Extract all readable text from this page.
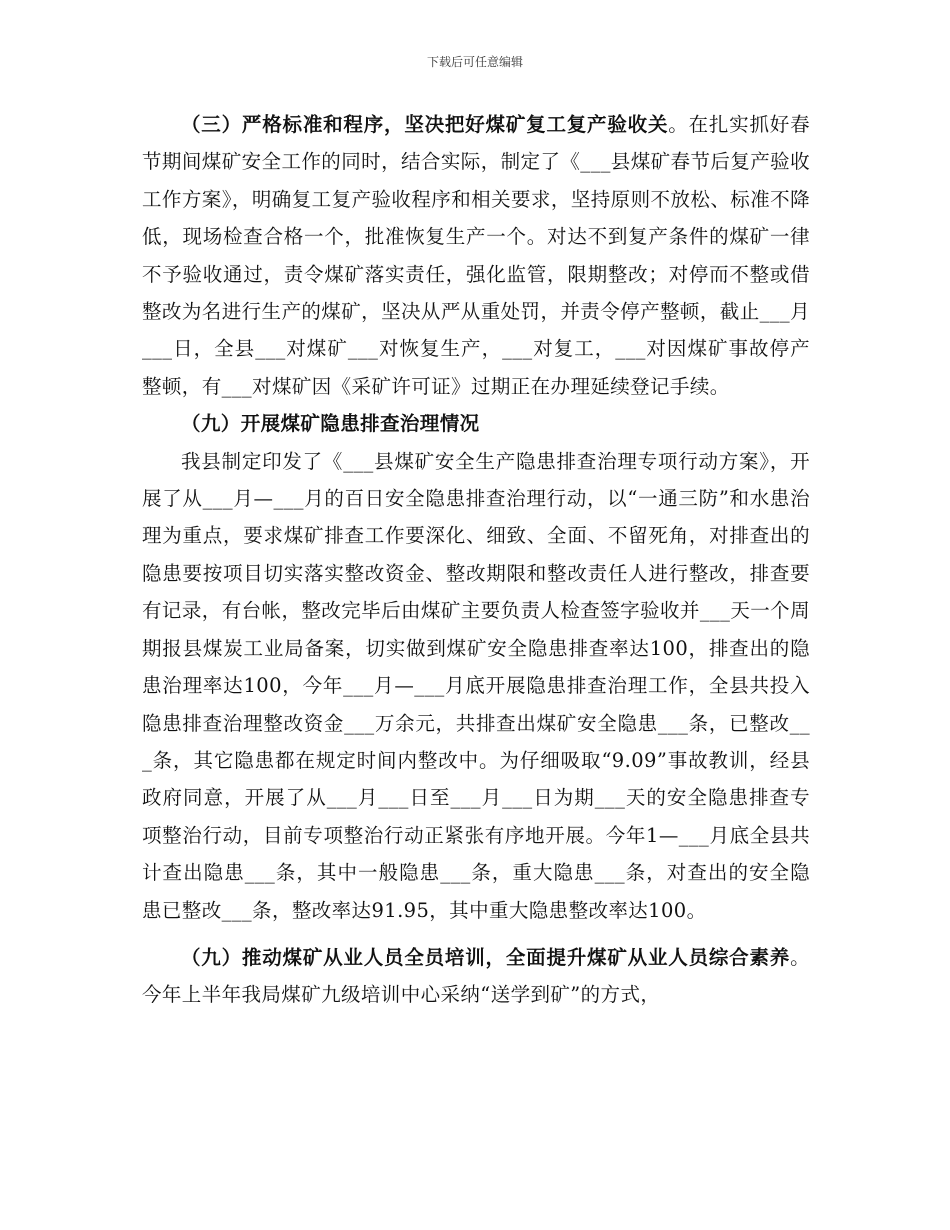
下载后可任意编辑

（三）严格标准和程序，坚决把好煤矿复工复产验收关。在扎实抓好春节期间煤矿安全工作的同时，结合实际，制定了《___县煤矿春节后复产验收工作方案》，明确复工复产验收程序和相关要求，坚持原则不放松、标准不降低，现场检查合格一个，批准恢复生产一个。对达不到复产条件的煤矿一律不予验收通过，责令煤矿落实责任，强化监管，限期整改；对停而不整或借整改为名进行生产的煤矿，坚决从严从重处罚，并责令停产整顿，截止___月___日，全县___对煤矿___对恢复生产，___对复工，___对因煤矿事故停产整顿，有___对煤矿因《采矿许可证》过期正在办理延续登记手续。

（九）开展煤矿隐患排查治理情况

我县制定印发了《___县煤矿安全生产隐患排查治理专项行动方案》，开展了从___月—___月的百日安全隐患排查治理行动，以“一通三防”和水患治理为重点，要求煤矿排查工作要深化、细致、全面、不留死角，对排查出的隐患要按项目切实落实整改资金、整改期限和整改责任人进行整改，排查要有记录，有台帐，整改完毕后由煤矿主要负责人检查签字验收并___天一个周期报县煤炭工业局备案，切实做到煤矿安全隐患排查率达100，排查出的隐患治理率达100，今年___月—___月底开展隐患排查治理工作，全县共投入隐患排查治理整改资金___万余元，共排查出煤矿安全隐患___条，已整改___条，其它隐患都在规定时间内整改中。为仔细吸取“9.09”事故教训，经县政府同意，开展了从___月___日至___月___日为期___天的安全隐患排查专项整治行动，目前专项整治行动正紧张有序地开展。今年1—___月底全县共计查出隐患___条，其中一般隐患___条，重大隐患___条，对查出的安全隐患已整改___条，整改率达91.95，其中重大隐患整改率达100。

（九）推动煤矿从业人员全员培训，全面提升煤矿从业人员综合素养。今年上半年我局煤矿九级培训中心采纳“送学到矿”的方式，
